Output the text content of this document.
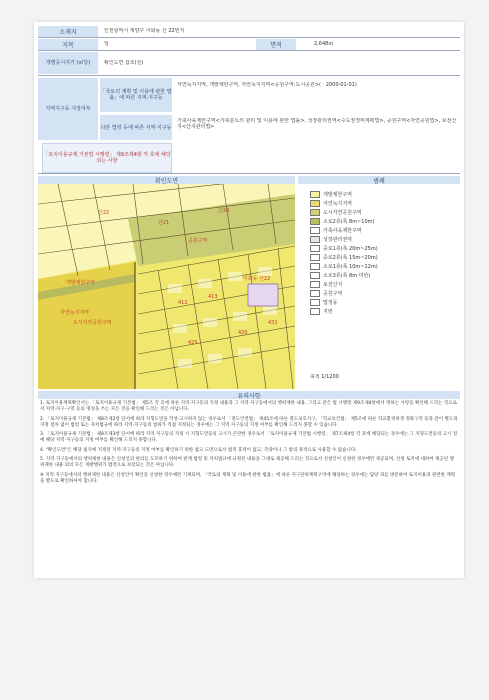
소재지	인천광역시 계양구 이화동 산 22번지
지목	임	면적	2,648㎡
개별공시지가 (㎡당)	확인도면 참조(원)
지역지구등 지정여부
「국토의 계획 및 이용에 관한 법률」에 따른 지역·지구등
자연녹지지역, 개발제한구역, 자연녹지지역<공원구역:도시공원>(ᆞ2000-01-01)
다른 법령 등에 따른 지역·지구등
가축사육제한구역<가축분뇨의 관리 및 이용에 관한 법률>, 성장관리권역<수도권정비계획법>, 공원구역<자연공원법>, 보전산지<산지관리법>
「토지이용규제 기본법 시행령」 제9조제4항 각 호에 해당되는 사항
확인도면	범례
개발제한구역
자연녹지지역
도시자연공원구역
공원구역
이화동 산22
산22
산21
산24
412
413
420
425
431
개발제한구역
자연녹지지역
도시자연공원구역
소로2류(폭 8m~10m)
가축사육제한구역
성장관리권역
중로1류(폭 20m~25m)
중로2류(폭 15m~20m)
소로1류(폭 10m~12m)
소로3류(폭 8m 미만)
보전산지
공원구역
법정동
지번
축척 1/1200
유의사항

1. 토지이용계획확인서는 「토지이용규제 기본법」 제5조 각 호에 따른 지역·지구등의 지정 내용과 그 지역·지구등에서의 행위제한 내용, 그리고 같은 법 시행령 제9조제4항에서 정하는 사항을 확인해 드리는 것으로서 지역·지구·구역 등의 명칭을 쓰는 모든 것을 확인해 드리는 것은 아닙니다.

2. 「토지이용규제 기본법」 제8조제2항 단서에 따라 지형도면을 작성·고시하지 않는 경우로서 「철도안전법」 제45조에 따른 철도보호지구, 「학교보건법」 제5조에 따른 학교환경위생 정화구역 등과 같이 별도의 지정 절차 없이 법령 또는 자치법규에 따라 지역·지구등의 범위가 직접 지정되는 경우에는 그 지역·지구등의 지정 여부를 확인해 드리지 못할 수 있습니다.

3. 「토지이용규제 기본법」 제8조제3항 단서에 따라 지역·지구등의 지정 시 지형도면등의 고시가 곤란한 경우로서 「토지이용규제 기본법 시행령」 제7조제4항 각 호에 해당되는 경우에는 그 지형도면등의 고시 전에 해당 지역·지구등의 지정 여부를 확인해 드리지 못합니다.

4. "확인도면"은 해당 필지에 지정된 지역·지구등의 지정 여부를 확인하기 위한 참고 도면으로서 법적 효력이 없고, 측량이나 그 밖의 목적으로 사용할 수 없습니다.

5. 지역·지구등에서의 행위제한 내용은 신청인의 편의를 도모하기 위하여 관계 법령 및 자치법규에 규정된 내용을 그대로 제공해 드리는 것으로서 신청인이 신청한 경우에만 제공되며, 신청 토지에 대하여 제공된 행위제한 내용 외의 모든 개발행위가 법적으로 보장되는 것은 아닙니다.

※ 지역·지구등에서의 행위제한 내용은 신청인이 확인을 신청한 경우에만 기재되며, 「국토의 계획 및 이용에 관한 법률」에 따른 지구단위계획구역에 해당하는 경우에는 담당 과를 방문하여 토지이용과 관련한 계획을 별도로 확인하셔야 합니다.
